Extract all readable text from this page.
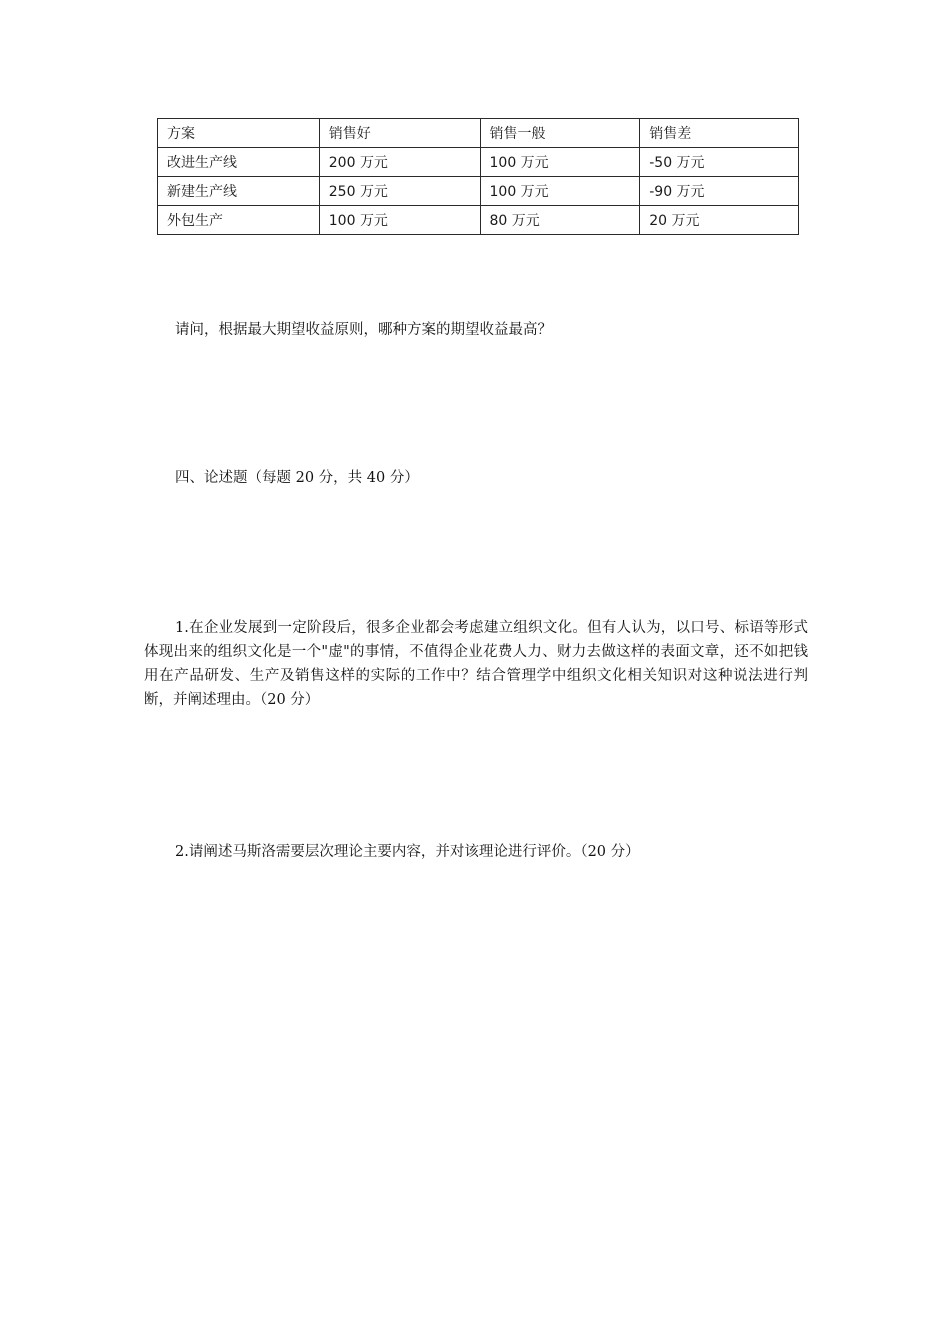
方案	销售好	销售一般	销售差
改进生产线	200 万元	100 万元	-50 万元
新建生产线	250 万元	100 万元	-90 万元
外包生产	100 万元	80 万元	20 万元

请问，根据最大期望收益原则，哪种方案的期望收益最高？

四、论述题（每题 20 分，共 40 分）

1.在企业发展到一定阶段后，很多企业都会考虑建立组织文化。但有人认为，以口号、标语等形式体现出来的组织文化是一个"虚"的事情，不值得企业花费人力、财力去做这样的表面文章，还不如把钱用在产品研发、生产及销售这样的实际的工作中？结合管理学中组织文化相关知识对这种说法进行判断，并阐述理由。（20 分）

2.请阐述马斯洛需要层次理论主要内容，并对该理论进行评价。（20 分）
